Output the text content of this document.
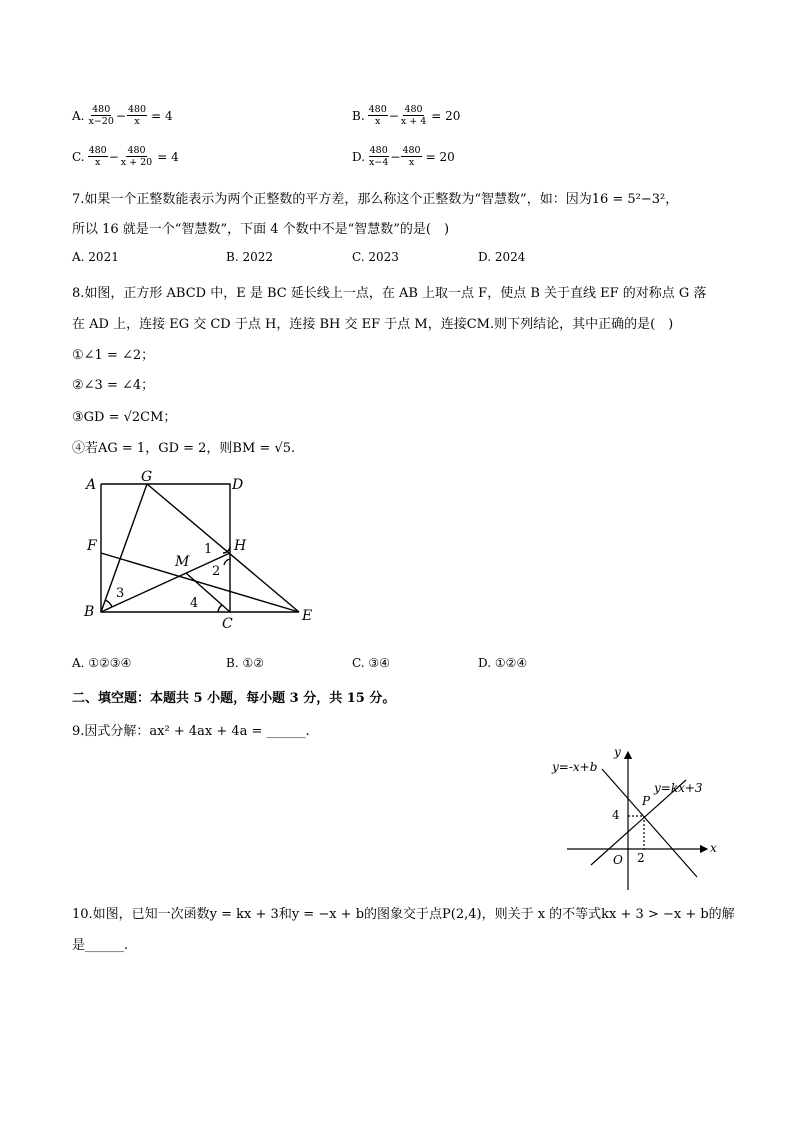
A. $\frac{480}{x-20} - \frac{480}{x} = 4$	B. $\frac{480}{x} - \frac{480}{x + 4} = 20$
C. $\frac{480}{x} - \frac{480}{x + 20} = 4$	D. $\frac{480}{x-4} - \frac{480}{x} = 20$
7.如果一个正整数能表示为两个正整数的平方差，那么称这个正整数为“智慧数”，如：因为16 = 5²−3²，
所以 16 就是一个“智慧数”，下面 4 个数中不是“智慧数”的是(　)
A. 2021	B. 2022	C. 2023	D. 2024
8.如图，正方形 ABCD 中，E 是 BC 延长线上一点，在 AB 上取一点 F，使点 B 关于直线 EF 的对称点 G 落
在 AD 上，连接 EG 交 CD 于点 H，连接 BH 交 EF 于点 M，连接CM.则下列结论，其中正确的是(　)
①∠1 = ∠2；
②∠3 = ∠4；
③GD = √2CM；
④若AG = 1，GD = 2，则BM = √5.
A	G	D
F	H
M
B
C	E
1
2
3
4
A. ①②③④	B. ①②	C. ③④	D. ①②④
二、填空题：本题共 5 小题，每小题 3 分，共 15 分。
9.因式分解：ax² + 4ax + 4a = ______.
y
x
y=-x+b
y=kx+3
P
O
4
2
10.如图，已知一次函数y = kx + 3和y = −x + b的图象交于点P(2,4)，则关于 x 的不等式kx + 3 > −x + b的解
是______.
